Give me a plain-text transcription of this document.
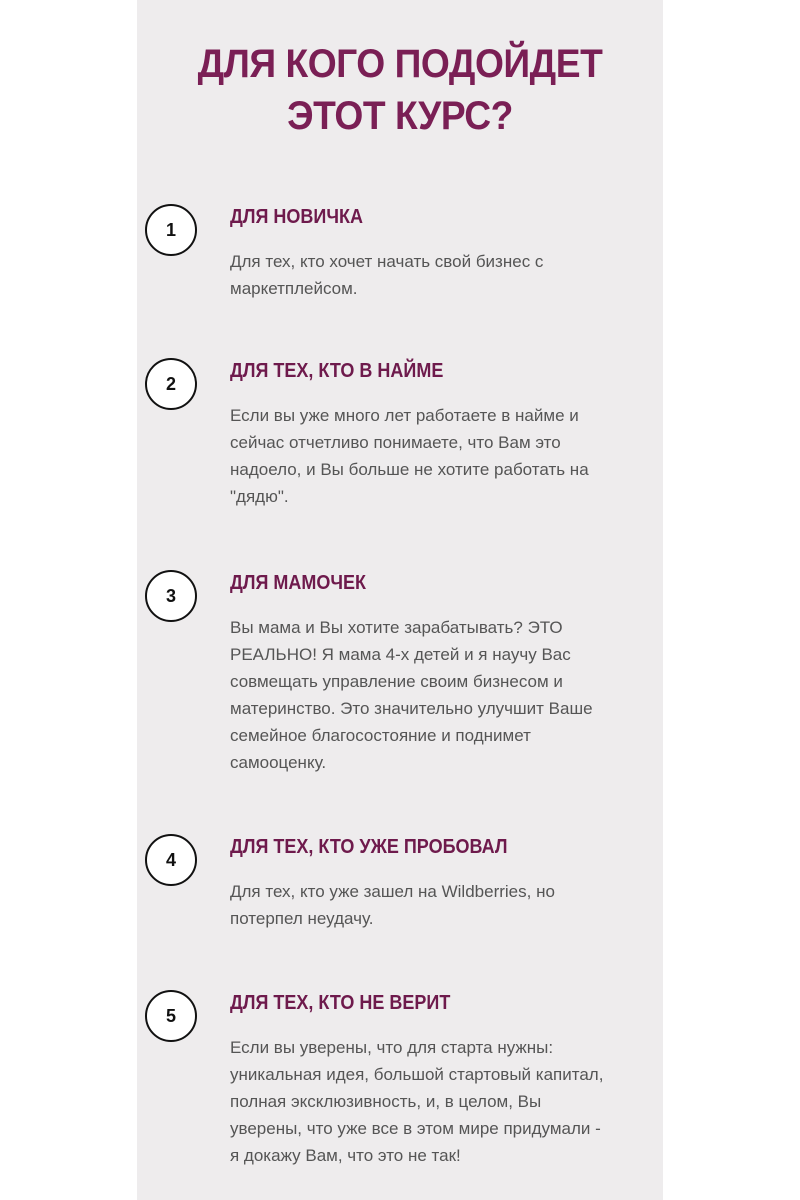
ДЛЯ КОГО ПОДОЙДЕТ
ЭТОТ КУРС?
1
ДЛЯ НОВИЧКА

Для тех, кто хочет начать свой бизнес с
маркетплейсом.

2
ДЛЯ ТЕХ, КТО В НАЙМЕ

Если вы уже много лет работаете в найме и
сейчас отчетливо понимаете, что Вам это
надоело, и Вы больше не хотите работать на
"дядю".

3
ДЛЯ МАМОЧЕК

Вы мама и Вы хотите зарабатывать? ЭТО
РЕАЛЬНО! Я мама 4-х детей и я научу Вас
совмещать управление своим бизнесом и
материнство. Это значительно улучшит Ваше
семейное благосостояние и поднимет
самооценку.

4
ДЛЯ ТЕХ, КТО УЖЕ ПРОБОВАЛ

Для тех, кто уже зашел на Wildberries, но
потерпел неудачу.

5
ДЛЯ ТЕХ, КТО НЕ ВЕРИТ

Если вы уверены, что для старта нужны:
уникальная идея, большой стартовый капитал,
полная эксклюзивность, и, в целом, Вы
уверены, что уже все в этом мире придумали -
я докажу Вам, что это не так!
